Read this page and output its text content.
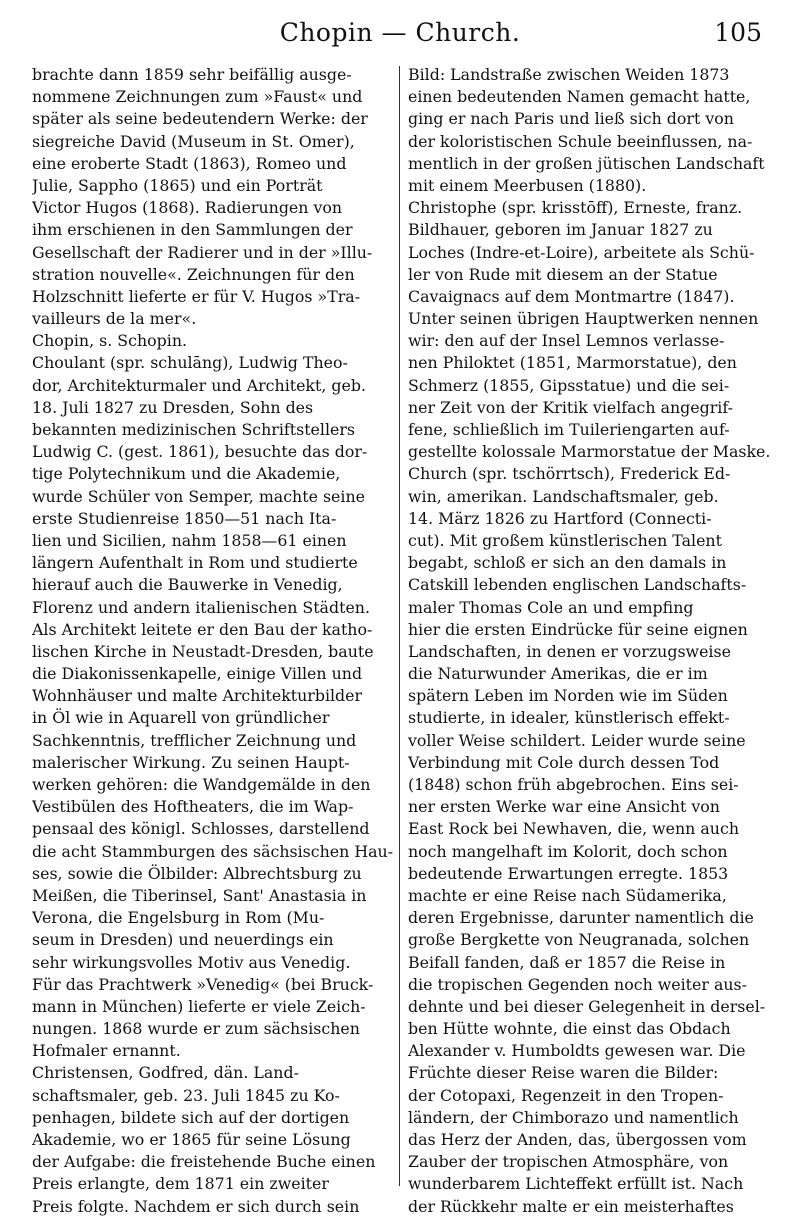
Chopin — Church.	105
brachte dann 1859 sehr beifällig ausge-
nommene Zeichnungen zum »Faust« und
später als seine bedeutendern Werke: der
siegreiche David (Museum in St. Omer),
eine eroberte Stadt (1863), Romeo und
Julie, Sappho (1865) und ein Porträt
Victor Hugos (1868). Radierungen von
ihm erschienen in den Sammlungen der
Gesellschaft der Radierer und in der »Illu-
stration nouvelle«. Zeichnungen für den
Holzschnitt lieferte er für V. Hugos »Tra-
vailleurs de la mer«.
Chopin, s. Schopin.
Choulant (spr. schulāng), Ludwig Theo-
dor, Architekturmaler und Architekt, geb.
18. Juli 1827 zu Dresden, Sohn des
bekannten medizinischen Schriftstellers
Ludwig C. (gest. 1861), besuchte das dor-
tige Polytechnikum und die Akademie,
wurde Schüler von Semper, machte seine
erste Studienreise 1850—51 nach Ita-
lien und Sicilien, nahm 1858—61 einen
längern Aufenthalt in Rom und studierte
hierauf auch die Bauwerke in Venedig,
Florenz und andern italienischen Städten.
Als Architekt leitete er den Bau der katho-
lischen Kirche in Neustadt-Dresden, baute
die Diakonissenkapelle, einige Villen und
Wohnhäuser und malte Architekturbilder
in Öl wie in Aquarell von gründlicher
Sachkenntnis, trefflicher Zeichnung und
malerischer Wirkung. Zu seinen Haupt-
werken gehören: die Wandgemälde in den
Vestibülen des Hoftheaters, die im Wap-
pensaal des königl. Schlosses, darstellend
die acht Stammburgen des sächsischen Hau-
ses, sowie die Ölbilder: Albrechtsburg zu
Meißen, die Tiberinsel, Sant' Anastasia in
Verona, die Engelsburg in Rom (Mu-
seum in Dresden) und neuerdings ein
sehr wirkungsvolles Motiv aus Venedig.
Für das Prachtwerk »Venedig« (bei Bruck-
mann in München) lieferte er viele Zeich-
nungen. 1868 wurde er zum sächsischen
Hofmaler ernannt.
Christensen, Godfred, dän. Land-
schaftsmaler, geb. 23. Juli 1845 zu Ko-
penhagen, bildete sich auf der dortigen
Akademie, wo er 1865 für seine Lösung
der Aufgabe: die freistehende Buche einen
Preis erlangte, dem 1871 ein zweiter
Preis folgte. Nachdem er sich durch sein
Bild: Landstraße zwischen Weiden 1873
einen bedeutenden Namen gemacht hatte,
ging er nach Paris und ließ sich dort von
der koloristischen Schule beeinflussen, na-
mentlich in der großen jütischen Landschaft
mit einem Meerbusen (1880).
Christophe (spr. krisstōff), Erneste, franz.
Bildhauer, geboren im Januar 1827 zu
Loches (Indre-et-Loire), arbeitete als Schü-
ler von Rude mit diesem an der Statue
Cavaignacs auf dem Montmartre (1847).
Unter seinen übrigen Hauptwerken nennen
wir: den auf der Insel Lemnos verlasse-
nen Philoktet (1851, Marmorstatue), den
Schmerz (1855, Gipsstatue) und die sei-
ner Zeit von der Kritik vielfach angegrif-
fene, schließlich im Tuileriengarten auf-
gestellte kolossale Marmorstatue der Maske.
Church (spr. tschörrtsch), Frederick Ed-
win, amerikan. Landschaftsmaler, geb.
14. März 1826 zu Hartford (Connecti-
cut). Mit großem künstlerischen Talent
begabt, schloß er sich an den damals in
Catskill lebenden englischen Landschafts-
maler Thomas Cole an und empfing
hier die ersten Eindrücke für seine eignen
Landschaften, in denen er vorzugsweise
die Naturwunder Amerikas, die er im
spätern Leben im Norden wie im Süden
studierte, in idealer, künstlerisch effekt-
voller Weise schildert. Leider wurde seine
Verbindung mit Cole durch dessen Tod
(1848) schon früh abgebrochen. Eins sei-
ner ersten Werke war eine Ansicht von
East Rock bei Newhaven, die, wenn auch
noch mangelhaft im Kolorit, doch schon
bedeutende Erwartungen erregte. 1853
machte er eine Reise nach Südamerika,
deren Ergebnisse, darunter namentlich die
große Bergkette von Neugranada, solchen
Beifall fanden, daß er 1857 die Reise in
die tropischen Gegenden noch weiter aus-
dehnte und bei dieser Gelegenheit in dersel-
ben Hütte wohnte, die einst das Obdach
Alexander v. Humboldts gewesen war. Die
Früchte dieser Reise waren die Bilder:
der Cotopaxi, Regenzeit in den Tropen-
ländern, der Chimborazo und namentlich
das Herz der Anden, das, übergossen vom
Zauber der tropischen Atmosphäre, von
wunderbarem Lichteffekt erfüllt ist. Nach
der Rückkehr malte er ein meisterhaftes
